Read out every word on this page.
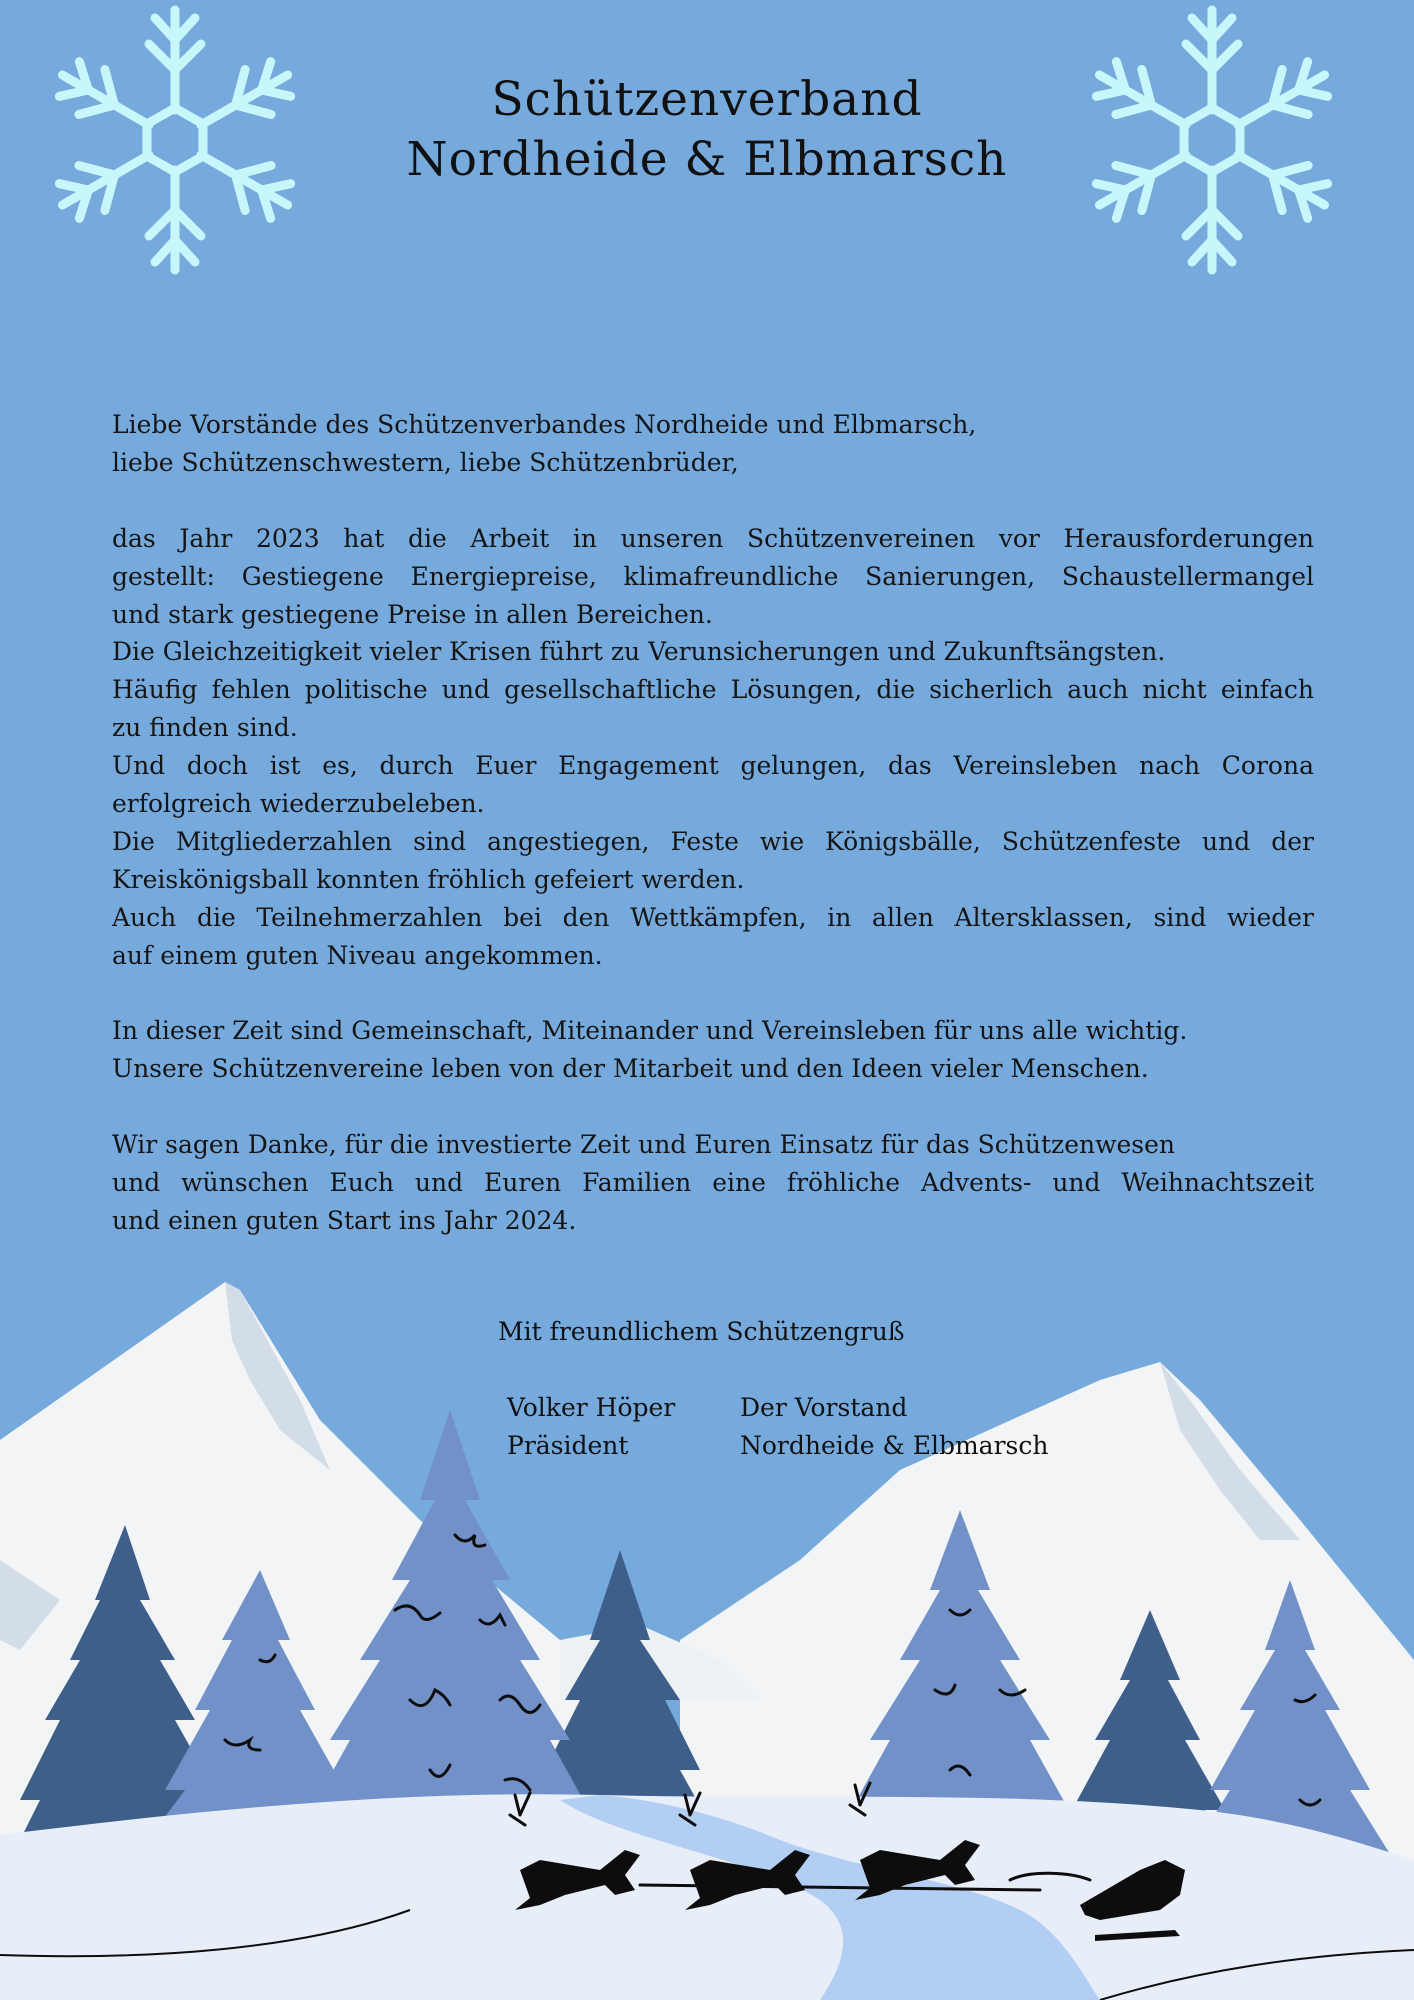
Schützenverband
Nordheide & Elbmarsch
Liebe Vorstände des Schützenverbandes Nordheide und Elbmarsch,
liebe Schützenschwestern, liebe Schützenbrüder,
das Jahr 2023 hat die Arbeit in unseren Schützenvereinen vor Herausforderungen
gestellt: Gestiegene Energiepreise, klimafreundliche Sanierungen, Schaustellermangel
und stark gestiegene Preise in allen Bereichen.
Die Gleichzeitigkeit vieler Krisen führt zu Verunsicherungen und Zukunftsängsten.
Häufig fehlen politische und gesellschaftliche Lösungen, die sicherlich auch nicht einfach
zu finden sind.
Und doch ist es, durch Euer Engagement gelungen, das Vereinsleben nach Corona
erfolgreich wiederzubeleben.
Die Mitgliederzahlen sind angestiegen, Feste wie Königsbälle, Schützenfeste und der
Kreiskönigsball konnten fröhlich gefeiert werden.
Auch die Teilnehmerzahlen bei den Wettkämpfen, in allen Altersklassen, sind wieder
auf einem guten Niveau angekommen.
In dieser Zeit sind Gemeinschaft, Miteinander und Vereinsleben für uns alle wichtig.
Unsere Schützenvereine leben von der Mitarbeit und den Ideen vieler Menschen.
Wir sagen Danke, für die investierte Zeit und Euren Einsatz für das Schützenwesen
und wünschen Euch und Euren Familien eine fröhliche Advents- und Weihnachtszeit
und einen guten Start ins Jahr 2024.
Mit freundlichem Schützengruß
Volker Höper
Präsident
Der Vorstand
Nordheide & Elbmarsch
